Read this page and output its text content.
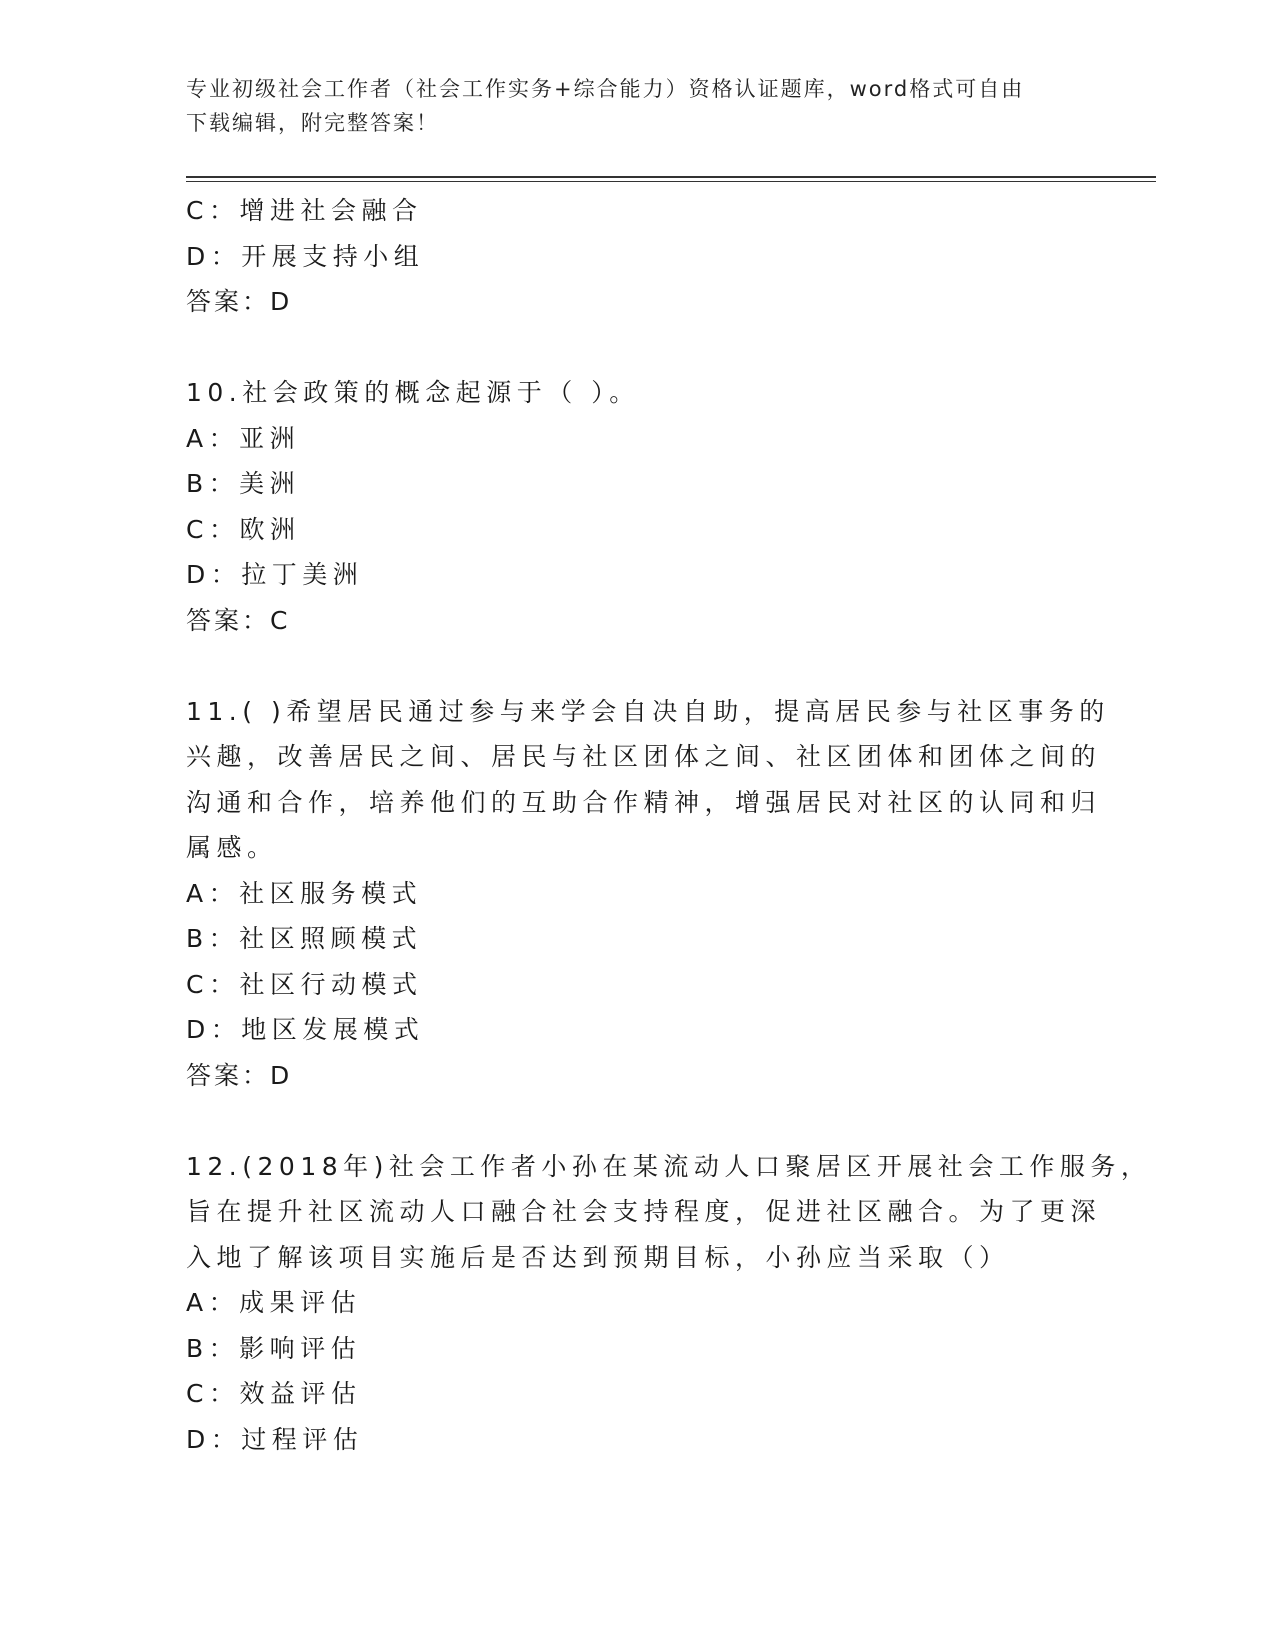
专业初级社会工作者（社会工作实务+综合能力）资格认证题库，word格式可自由
下载编辑，附完整答案！
C：增进社会融合
D：开展支持小组
答案：D
10.社会政策的概念起源于（ ）。
A：亚洲
B：美洲
C：欧洲
D：拉丁美洲
答案：C
11.( )希望居民通过参与来学会自决自助，提高居民参与社区事务的
兴趣，改善居民之间、居民与社区团体之间、社区团体和团体之间的
沟通和合作，培养他们的互助合作精神，增强居民对社区的认同和归
属感。
A：社区服务模式
B：社区照顾模式
C：社区行动模式
D：地区发展模式
答案：D
12.(2018年)社会工作者小孙在某流动人口聚居区开展社会工作服务，
旨在提升社区流动人口融合社会支持程度，促进社区融合。为了更深
入地了解该项目实施后是否达到预期目标，小孙应当采取（）
A：成果评估
B：影响评估
C：效益评估
D：过程评估
